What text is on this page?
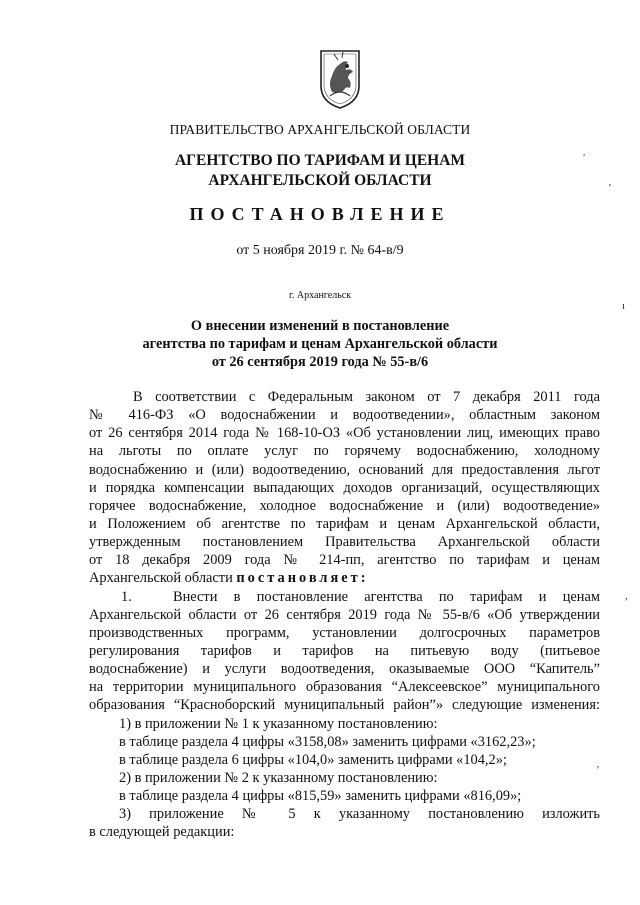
ПРАВИТЕЛЬСТВО АРХАНГЕЛЬСКОЙ ОБЛАСТИ
АГЕНТСТВО ПО ТАРИФАМ И ЦЕНАМ
АРХАНГЕЛЬСКОЙ ОБЛАСТИ
ПОСТАНОВЛЕНИЕ
от 5 ноября 2019 г. № 64-в/9
г. Архангельск
О внесении изменений в постановление
агентства по тарифам и ценам Архангельской области
от 26 сентября 2019 года № 55-в/6
В соответствии с Федеральным законом от 7 декабря 2011 года
№ 416-ФЗ «О водоснабжении и водоотведении», областным законом
от 26 сентября 2014 года № 168-10-ОЗ «Об установлении лиц, имеющих право
на льготы по оплате услуг по горячему водоснабжению, холодному
водоснабжению и (или) водоотведению, оснований для предоставления льгот
и порядка компенсации выпадающих доходов организаций, осуществляющих
горячее водоснабжение, холодное водоснабжение и (или) водоотведение»
и Положением об агентстве по тарифам и ценам Архангельской области,
утвержденным постановлением Правительства Архангельской области
от 18 декабря 2009 года № 214-пп, агентство по тарифам и ценам
Архангельской области постановляет:
1.	Внести в постановление агентства по тарифам и ценам
Архангельской области от 26 сентября 2019 года № 55-в/6 «Об утверждении
производственных программ, установлении долгосрочных параметров
регулирования тарифов и тарифов на питьевую воду (питьевое
водоснабжение) и услуги водоотведения, оказываемые ООО “Капитель”
на территории муниципального образования “Алексеевское” муниципального
образования “Красноборский муниципальный район”» следующие изменения:
1) в приложении № 1 к указанному постановлению:
в таблице раздела 4 цифры «3158,08» заменить цифрами «3162,23»;
в таблице раздела 6 цифры «104,0» заменить цифрами «104,2»;
2) в приложении № 2 к указанному постановлению:
в таблице раздела 4 цифры «815,59» заменить цифрами «816,09»;
3) приложение № 5 к указанному постановлению изложить
в следующей редакции:
′
ʼ
ı
,
ʼ
